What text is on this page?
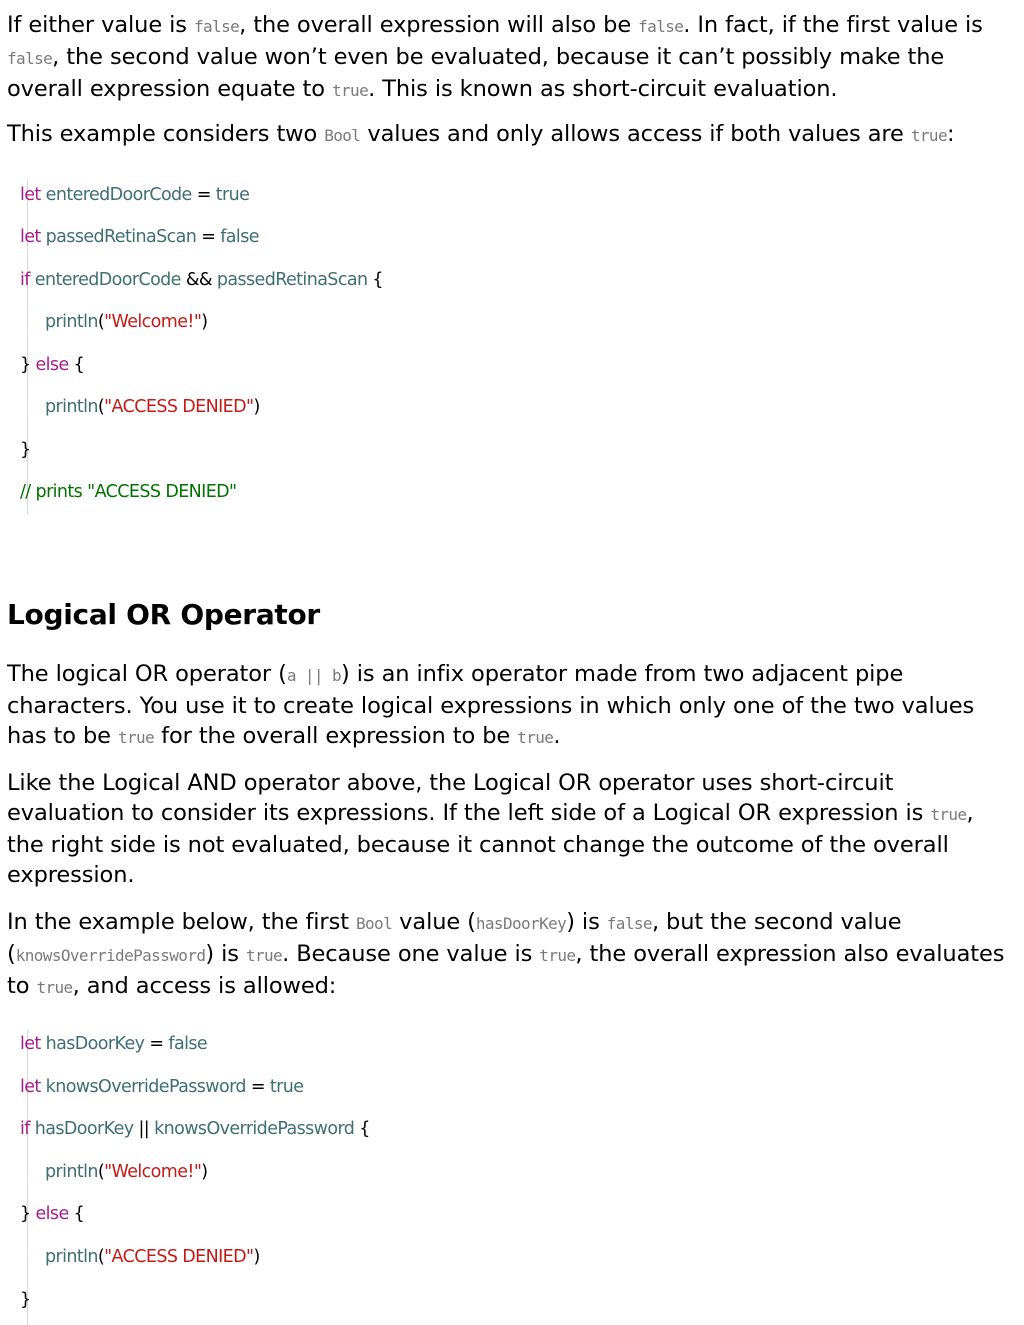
If either value is false, the overall expression will also be false. In fact, if the first value is false, the second value won’t even be evaluated, because it can’t possibly make the overall expression equate to true. This is known as short-circuit evaluation.

This example considers two Bool values and only allows access if both values are true:

let enteredDoorCode = true
let passedRetinaScan = false
if enteredDoorCode && passedRetinaScan {
println("Welcome!")
} else {
println("ACCESS DENIED")
}
// prints "ACCESS DENIED"
Logical OR Operator

The logical OR operator (a || b) is an infix operator made from two adjacent pipe characters. You use it to create logical expressions in which only one of the two values has to be true for the overall expression to be true.

Like the Logical AND operator above, the Logical OR operator uses short-circuit evaluation to consider its expressions. If the left side of a Logical OR expression is true, the right side is not evaluated, because it cannot change the outcome of the overall expression.

In the example below, the first Bool value (hasDoorKey) is false, but the second value (knowsOverridePassword) is true. Because one value is true, the overall expression also evaluates to true, and access is allowed:

let hasDoorKey = false
let knowsOverridePassword = true
if hasDoorKey || knowsOverridePassword {
println("Welcome!")
} else {
println("ACCESS DENIED")
}
